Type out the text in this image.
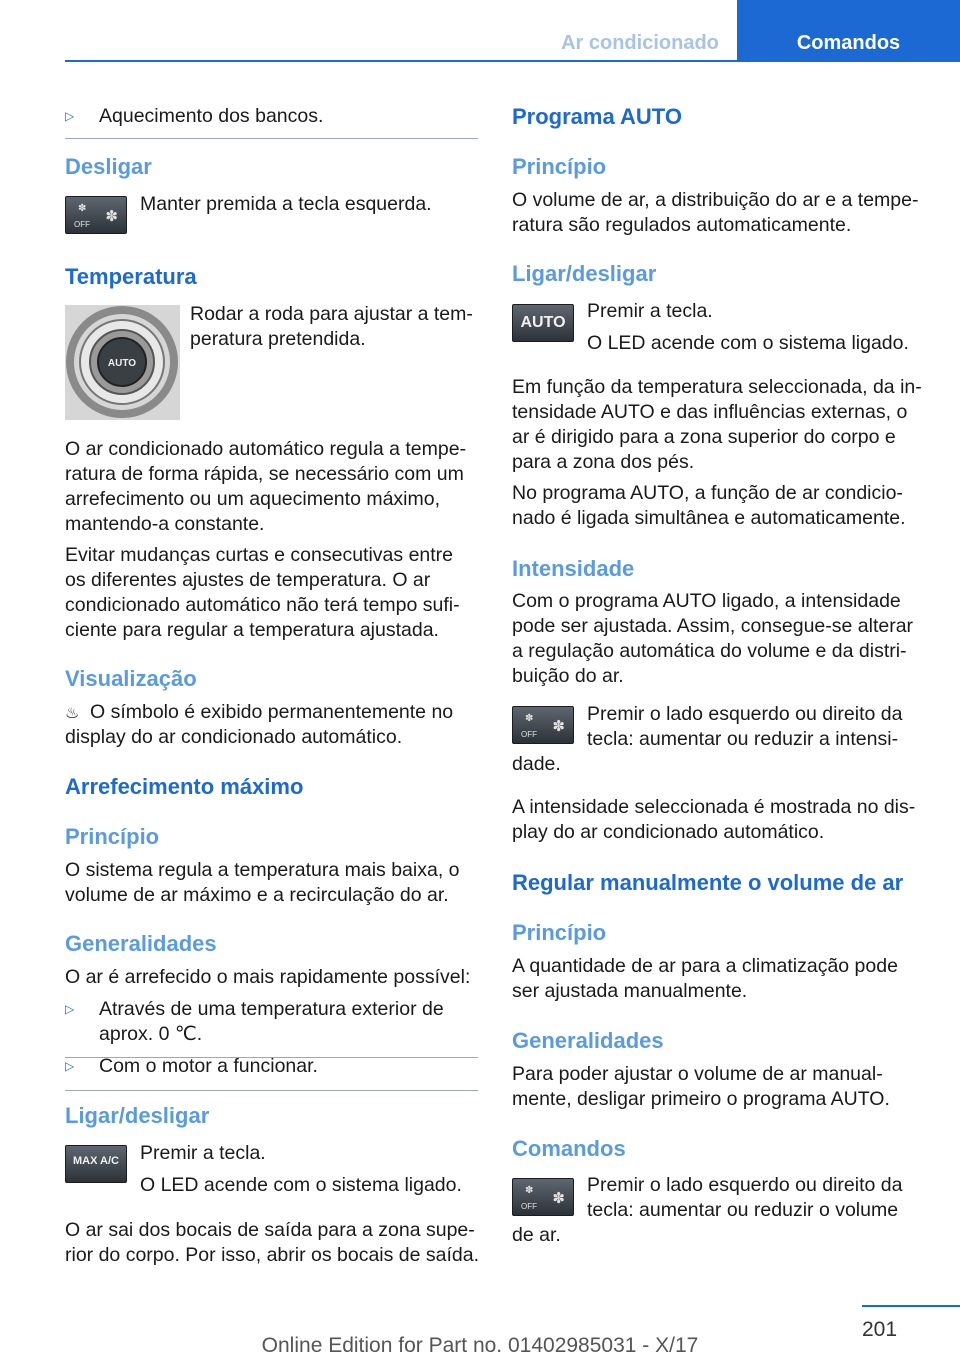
Ar condicionado	Comandos
▷ Aquecimento dos bancos.
Desligar
✽
OFF ✽
Manter premida a tecla esquerda.
Temperatura
AUTO
Rodar a roda para ajustar a tem-
peratura pretendida.
O ar condicionado automático regula a tempe-
ratura de forma rápida, se necessário com um
arrefecimento ou um aquecimento máximo,
mantendo-a constante.
Evitar mudanças curtas e consecutivas entre
os diferentes ajustes de temperatura. O ar
condicionado automático não terá tempo sufi-
ciente para regular a temperatura ajustada.
Visualização
♨ O símbolo é exibido permanentemente no
display do ar condicionado automático.
Arrefecimento máximo
Princípio
O sistema regula a temperatura mais baixa, o
volume de ar máximo e a recirculação do ar.
Generalidades
O ar é arrefecido o mais rapidamente possível:
▷ Através de uma temperatura exterior de
aprox. 0 ℃.
▷ Com o motor a funcionar.
Ligar/desligar
MAX A/C	Premir a tecla.
O LED acende com o sistema ligado.
O ar sai dos bocais de saída para a zona supe-
rior do corpo. Por isso, abrir os bocais de saída.
Programa AUTO
Princípio
O volume de ar, a distribuição do ar e a tempe-
ratura são regulados automaticamente.
Ligar/desligar
AUTO
Premir a tecla.
O LED acende com o sistema ligado.
Em função da temperatura seleccionada, da in-
tensidade AUTO e das influências externas, o
ar é dirigido para a zona superior do corpo e
para a zona dos pés.
No programa AUTO, a função de ar condicio-
nado é ligada simultânea e automaticamente.
Intensidade
Com o programa AUTO ligado, a intensidade
pode ser ajustada. Assim, consegue-se alterar
a regulação automática do volume e da distri-
buição do ar.
✽
OFF ✽
Premir o lado esquerdo ou direito da
tecla: aumentar ou reduzir a intensi-
dade.
A intensidade seleccionada é mostrada no dis-
play do ar condicionado automático.
Regular manualmente o volume de ar
Princípio
A quantidade de ar para a climatização pode
ser ajustada manualmente.
Generalidades
Para poder ajustar o volume de ar manual-
mente, desligar primeiro o programa AUTO.
Comandos
✽
OFF ✽
Premir o lado esquerdo ou direito da
tecla: aumentar ou reduzir o volume
de ar.
201
Online Edition for Part no. 01402985031 - X/17
